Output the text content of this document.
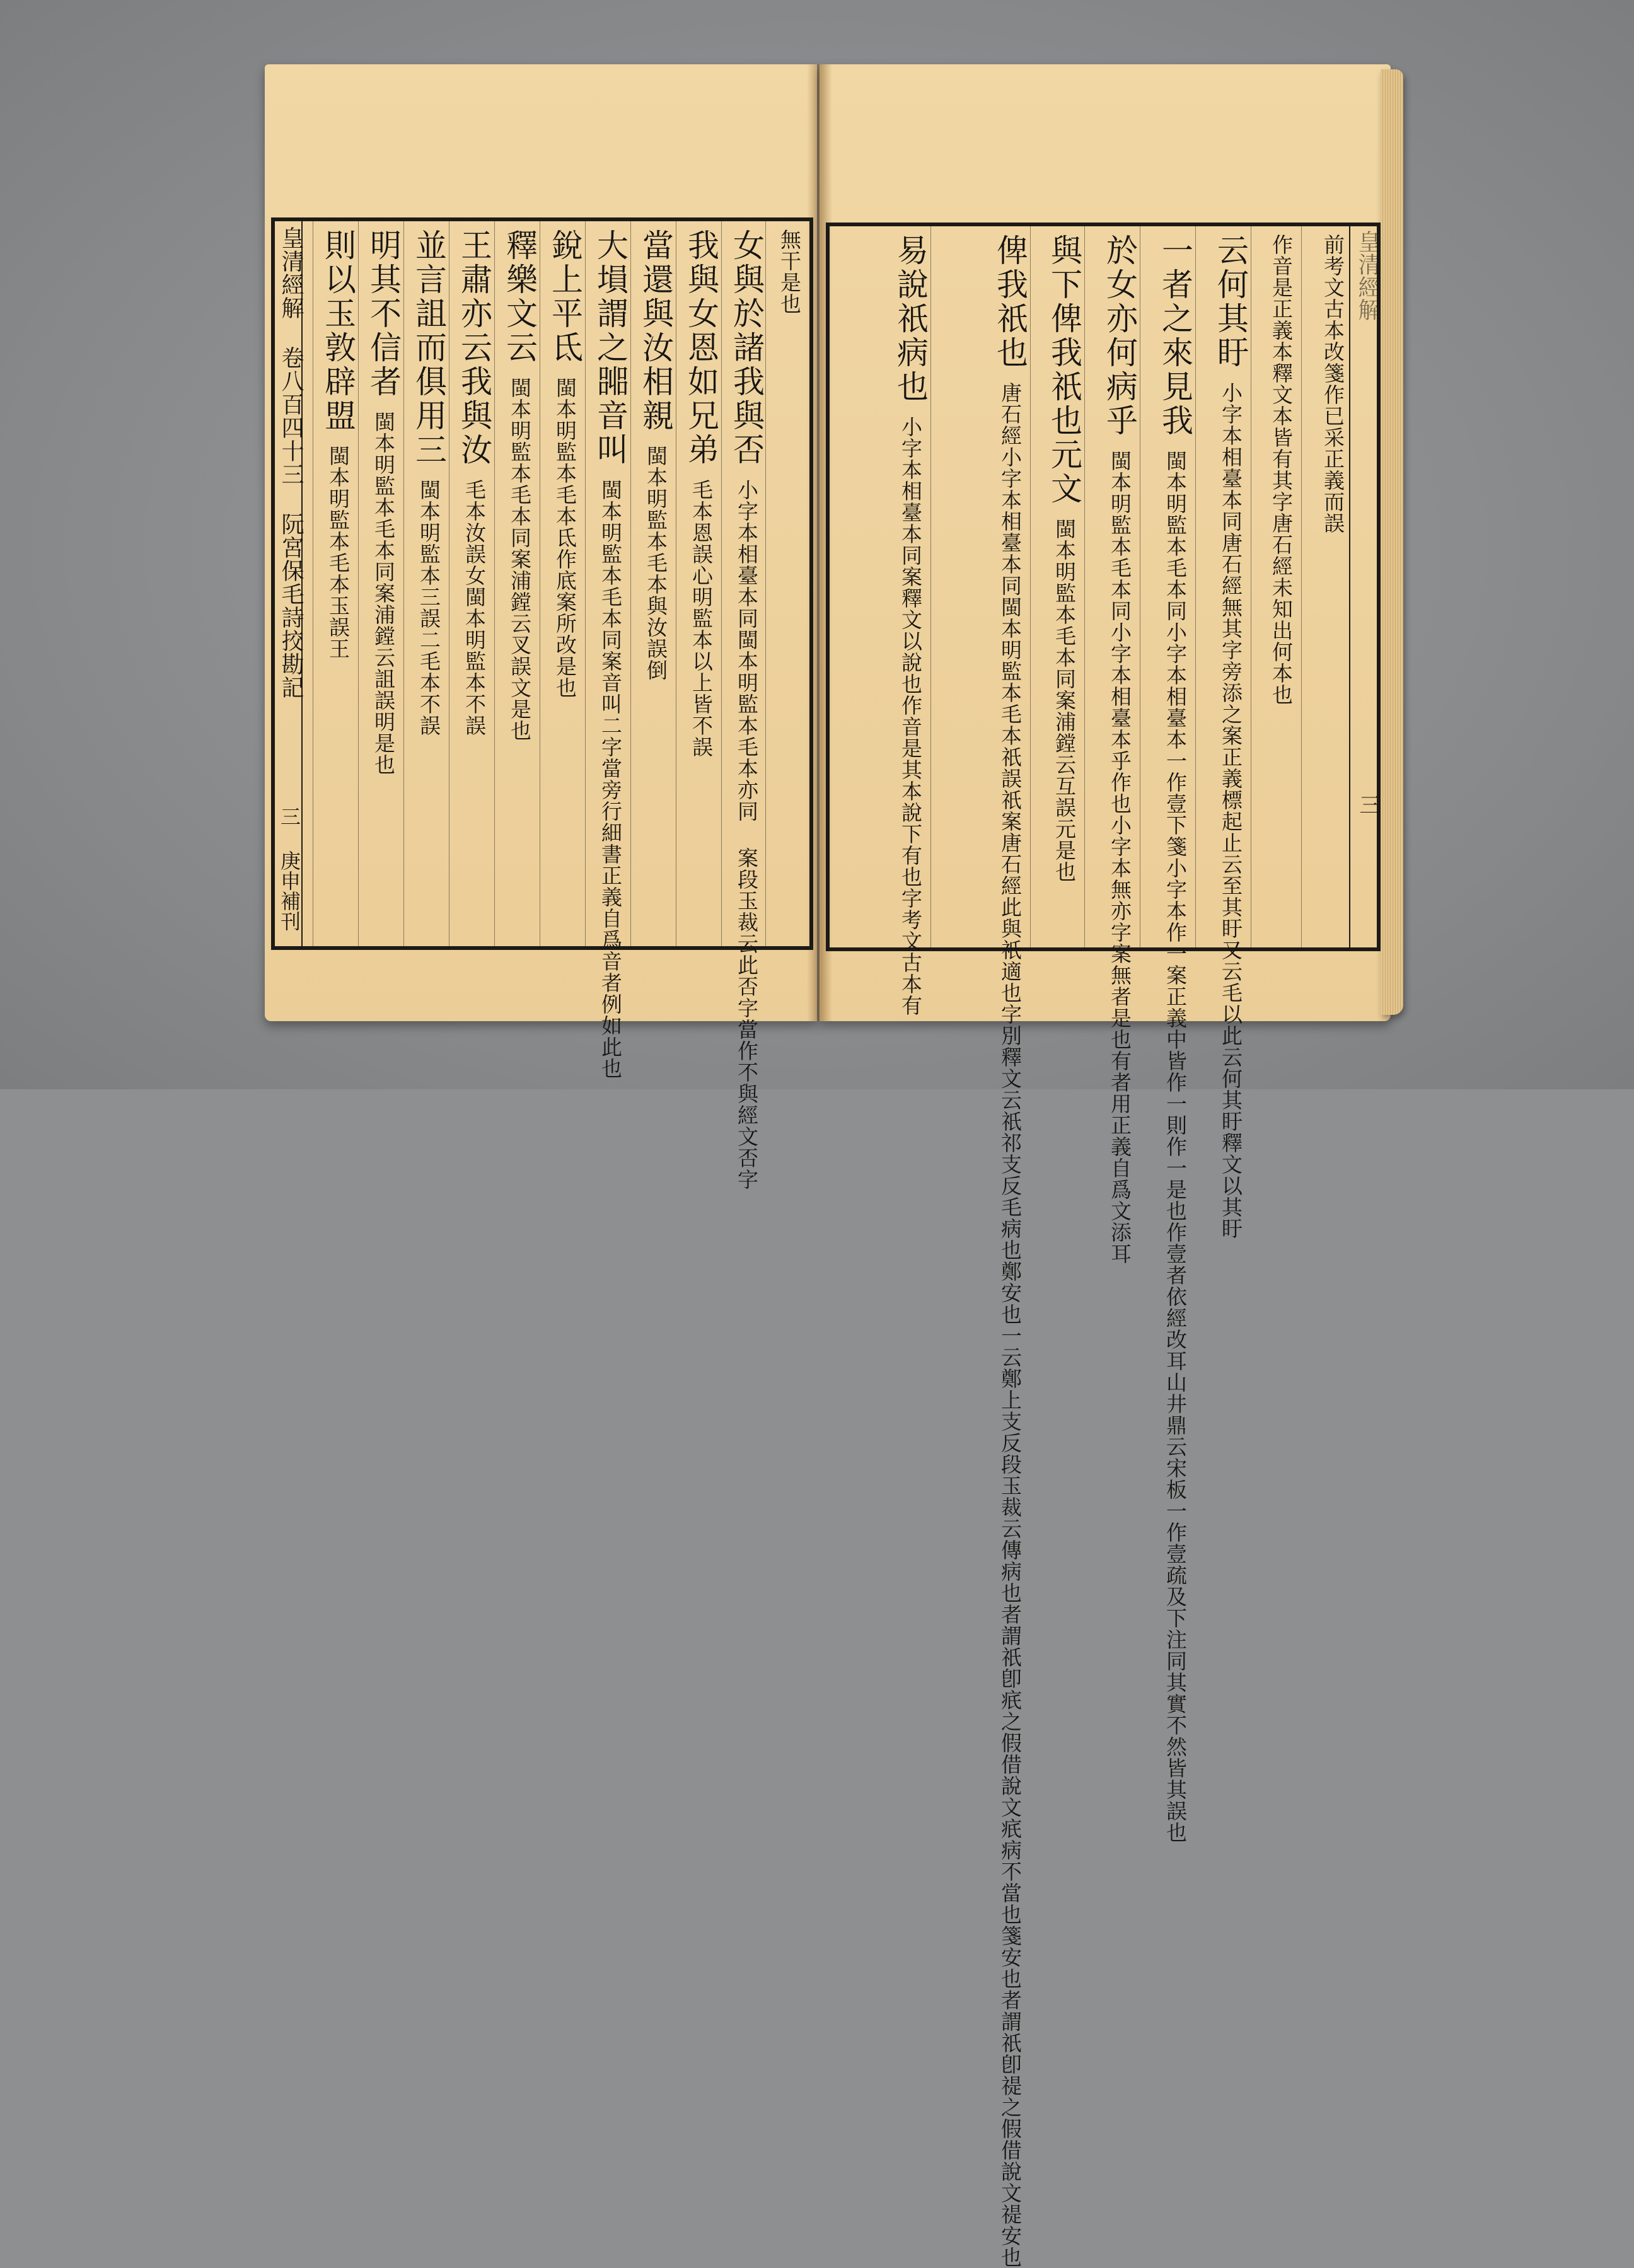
皇清經解 卷八百四十三 阮宮保毛詩挍勘記
三 庚申補刊
無干是也
女與於諸我與否 小字本相臺本同閩本明監本毛本亦同 案段玉裁云此否字當作不與經文否字
我與女恩如兄弟 毛本恩誤心明監本以上皆不誤
當還與汝相親 閩本明監本毛本與汝誤倒
大塤謂之嘂音叫 閩本明監本毛本同案音叫二字當旁行細書正義自爲音者例如此也
銳上平氐 閩本明監本毛本氐作底案所改是也
釋樂文云 閩本明監本毛本同案浦鏜云叉誤文是也
王肅亦云我與汝 毛本汝誤女閩本明監本不誤
並言詛而俱用三 閩本明監本三誤二毛本不誤
明其不信者 閩本明監本毛本同案浦鏜云詛誤明是也
則以玉敦辟盟 閩本明監本毛本玉誤王
皇清經解
三
前考文古本改箋作已采正義而誤
作音是正義本釋文本皆有其字唐石經未知出何本也
云何其盱 小字本相臺本同唐石經無其字旁添之案正義標起止云至其盱又云毛以此云何其盱釋文以其盱
一者之來見我 閩本明監本毛本同小字本相臺本一作壹下箋小字本作一案正義中皆作一則作一是也作壹者依經改耳山井鼎云宋板一作壹疏及下注同其實不然皆其誤也
於女亦何病乎 閩本明監本毛本同小字本相臺本乎作也小字本無亦字案無者是也有者用正義自爲文添耳
與下俾我祇也元文 閩本明監本毛本同案浦鏜云互誤元是也
俾我祇也 唐石經小字本相臺本同閩本明監本毛本祇誤祇案唐石經此與祇適也字別釋文云祇祁支反毛病也鄭安也一云鄭上支反段玉裁云傳病也者謂祇卽疧之假借說文疧病不當也箋安也者謂祇卽禔之假借說文禔安也
易說祇病也 小字本相臺本同案釋文以說也作音是其本說下有也字考文古本有
